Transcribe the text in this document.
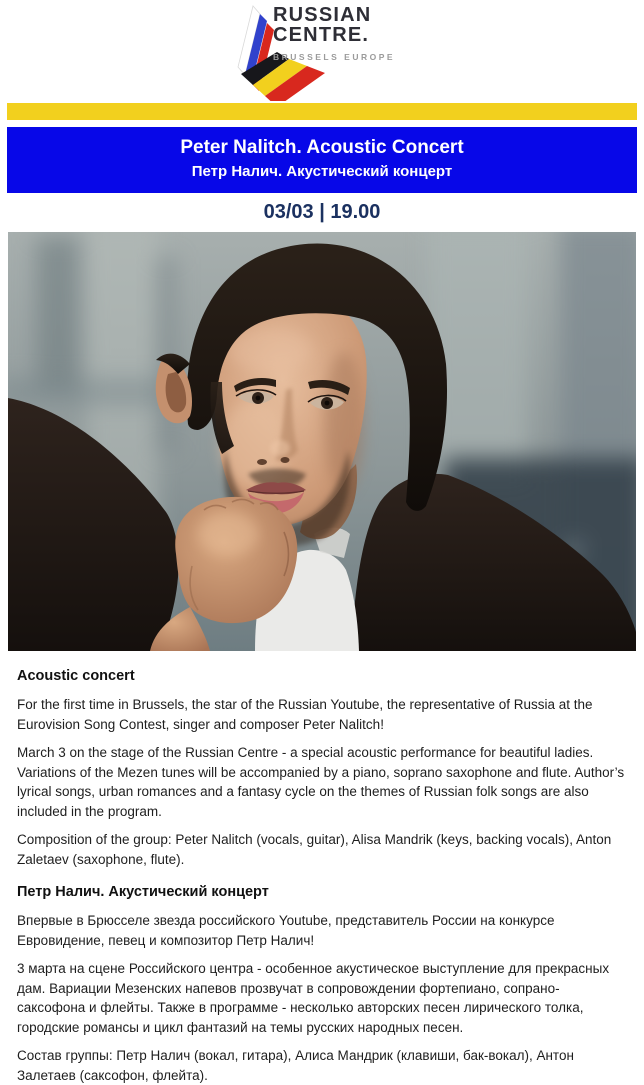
RUSSIAN
CENTRE.
BRUSSELS EUROPE
Peter Nalitch. Acoustic Concert
Петр Налич. Акустический концерт
03/03 | 19.00
Acoustic concert

For the first time in Brussels, the star of the Russian Youtube, the representative of Russia at the Eurovision Song Contest, singer and composer Peter Nalitch!

March 3 on the stage of the Russian Centre - a special acoustic performance for beautiful ladies. Variations of the Mezen tunes will be accompanied by a piano, soprano saxophone and flute. Author’s lyrical songs, urban romances and a fantasy cycle on the themes of Russian folk songs are also included in the program.

Composition of the group: Peter Nalitch (vocals, guitar), Alisa Mandrik (keys, backing vocals), Anton Zaletaev (saxophone, flute).

Петр Налич. Акустический концерт

Впервые в Брюсселе звезда российского Youtube, представитель России на конкурсе Евровидение, певец и композитор Петр Налич!

3 марта на сцене Российского центра - особенное акустическое выступление для прекрасных дам. Вариации Мезенских напевов прозвучат в сопровождении фортепиано, сопрано-саксофона и флейты. Также в программе - несколько авторских песен лирического толка, городские романсы и цикл фантазий на темы русских народных песен.

Состав группы: Петр Налич (вокал, гитара), Алиса Мандрик (клавиши, бак-вокал), Антон Залетаев (саксофон, флейта).
